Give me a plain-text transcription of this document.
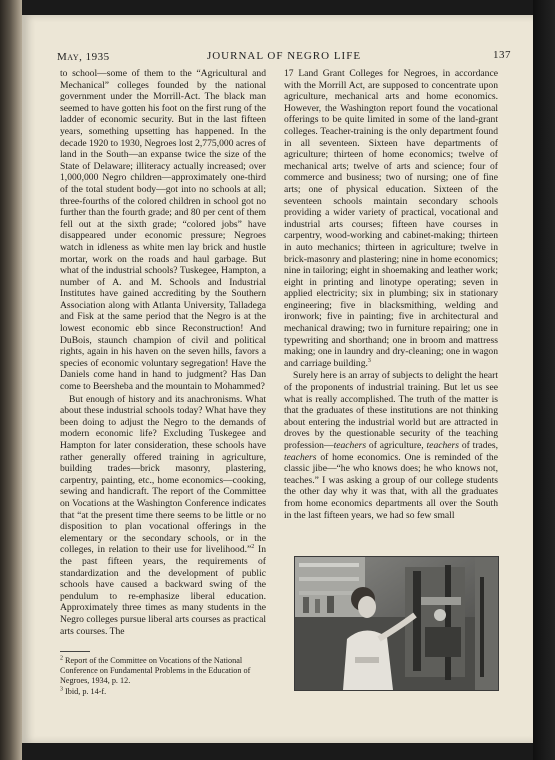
May, 1935	JOURNAL OF NEGRO LIFE	137

to school—some of them to the “Agricultural and Mechanical” colleges founded by the national government under the Morrill-Act. The black man seemed to have gotten his foot on the first rung of the ladder of economic security. But in the last fifteen years, something upsetting has happened. In the decade 1920 to 1930, Negroes lost 2,775,000 acres of land in the South—an expanse twice the size of the State of Delaware; illiteracy actually increased; over 1,000,000 Negro children—approximately one-third of the total student body—got into no schools at all; three-fourths of the colored children in school got no further than the fourth grade; and 80 per cent of them fell out at the sixth grade; “colored jobs” have disappeared under economic pressure; Negroes watch in idleness as white men lay brick and hustle mortar, work on the roads and haul garbage. But what of the industrial schools? Tuskegee, Hampton, a number of A. and M. Schools and Industrial Institutes have gained accrediting by the Southern Association along with Atlanta University, Talladega and Fisk at the same period that the Negro is at the lowest economic ebb since Reconstruction! And DuBois, staunch champion of civil and political rights, again in his haven on the seven hills, favors a species of economic voluntary segregation! Have the Daniels come hand in hand to judgment? Has Dan come to Beersheba and the mountain to Mohammed?

But enough of history and its anachronisms. What about these industrial schools today? What have they been doing to adjust the Negro to the demands of modern economic life? Excluding Tuskegee and Hampton for later consideration, these schools have rather generally offered training in agriculture, building trades—brick masonry, plastering, carpentry, painting, etc., home economics—cooking, sewing and handicraft. The report of the Committee on Vocations at the Washington Conference indicates that “at the present time there seems to be little or no disposition to plan vocational offerings in the elementary or the secondary schools, or in the colleges, in relation to their use for livelihood.”$^2$ In the past fifteen years, the requirements of standardization and the development of public schools have caused a backward swing of the pendulum to re-emphasize liberal education. Approximately three times as many students in the Negro colleges pursue liberal arts courses as practical arts courses. The

17 Land Grant Colleges for Negroes, in accordance with the Morrill Act, are supposed to concentrate upon agriculture, mechanical arts and home economics. However, the Washington report found the vocational offerings to be quite limited in some of the land-grant colleges. Teacher-training is the only department found in all seventeen. Sixteen have departments of agriculture; thirteen of home economics; twelve of mechanical arts; twelve of arts and science; four of commerce and business; two of nursing; one of fine arts; one of physical education. Sixteen of the seventeen schools maintain secondary schools providing a wider variety of practical, vocational and industrial arts courses; fifteen have courses in carpentry, wood-working and cabinet-making; thirteen in auto mechanics; thirteen in agriculture; twelve in brick-masonry and plastering; nine in home economics; nine in tailoring; eight in shoemaking and leather work; eight in printing and linotype operating; seven in applied electricity; six in plumbing; six in stationary engineering; five in blacksmithing, welding and ironwork; five in painting; five in architectural and mechanical drawing; two in furniture repairing; one in typewriting and shorthand; one in broom and mattress making; one in laundry and dry-cleaning; one in wagon and carriage building.$^3$

Surely here is an array of subjects to delight the heart of the proponents of industrial training. But let us see what is really accomplished. The truth of the matter is that the graduates of these institutions are not thinking about entering the industrial world but are attracted in droves by the questionable security of the teaching profession—teachers of agriculture, teachers of trades, teachers of home economics. One is reminded of the classic jibe—“he who knows does; he who knows not, teaches.” I was asking a group of our college students the other day why it was that, with all the graduates from home economics departments all over the South in the last fifteen years, we had so few small

$^2$ Report of the Committee on Vocations of the National Conference on Fundamental Problems in the Education of Negroes, 1934, p. 12.

$^3$ Ibid, p. 14-f.
